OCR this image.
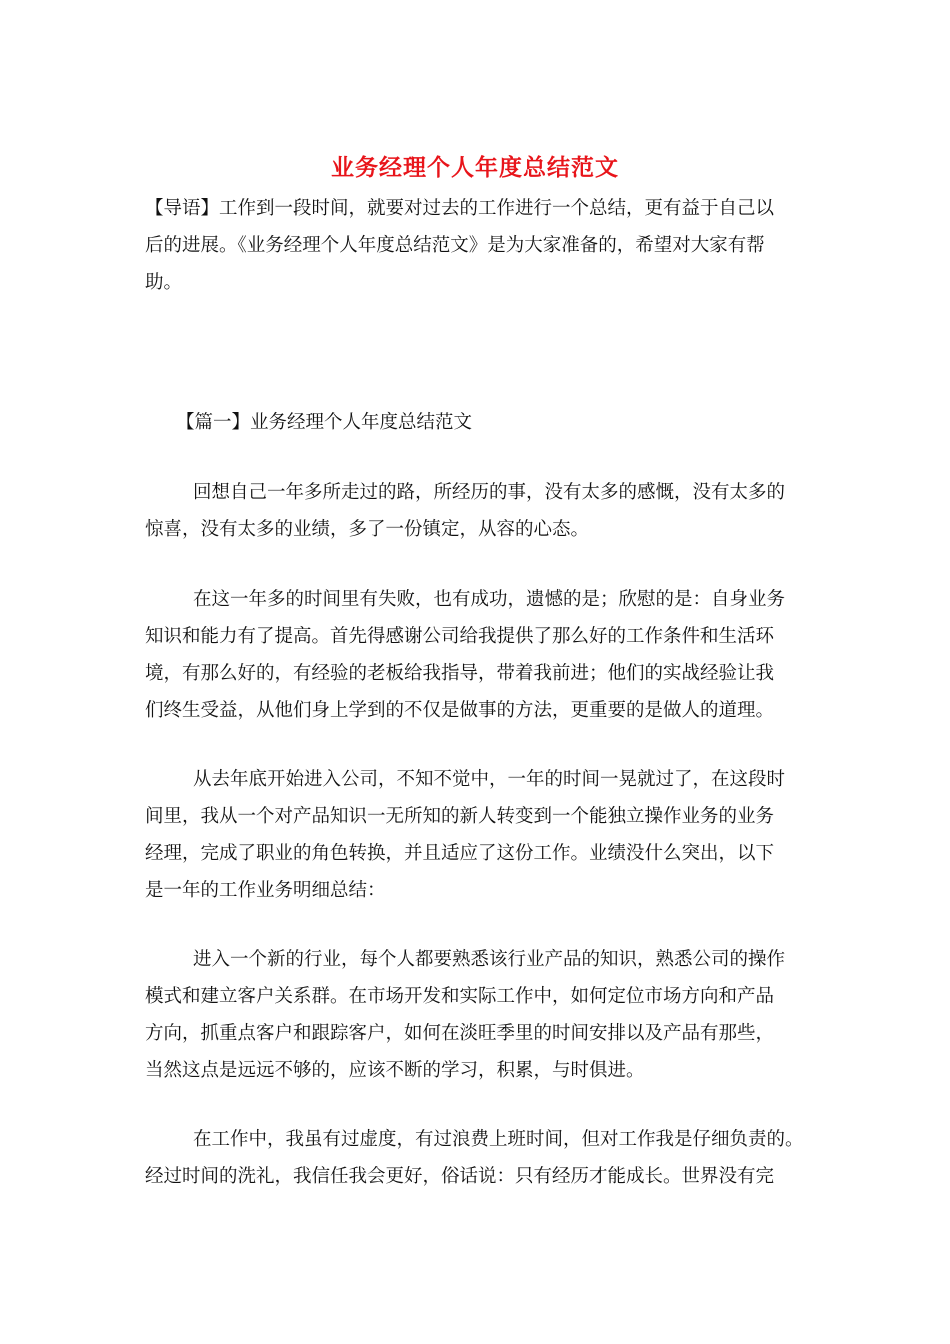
业务经理个人年度总结范文
【导语】工作到一段时间，就要对过去的工作进行一个总结，更有益于自己以
后的进展。《业务经理个人年度总结范文》是为大家准备的，希望对大家有帮
助。
【篇一】业务经理个人年度总结范文
回想自己一年多所走过的路，所经历的事，没有太多的感慨，没有太多的
惊喜，没有太多的业绩，多了一份镇定，从容的心态。
在这一年多的时间里有失败，也有成功，遗憾的是；欣慰的是：自身业务
知识和能力有了提高。首先得感谢公司给我提供了那么好的工作条件和生活环
境，有那么好的，有经验的老板给我指导，带着我前进；他们的实战经验让我
们终生受益，从他们身上学到的不仅是做事的方法，更重要的是做人的道理。
从去年底开始进入公司，不知不觉中，一年的时间一晃就过了，在这段时
间里，我从一个对产品知识一无所知的新人转变到一个能独立操作业务的业务
经理，完成了职业的角色转换，并且适应了这份工作。业绩没什么突出，以下
是一年的工作业务明细总结：
进入一个新的行业，每个人都要熟悉该行业产品的知识，熟悉公司的操作
模式和建立客户关系群。在市场开发和实际工作中，如何定位市场方向和产品
方向，抓重点客户和跟踪客户，如何在淡旺季里的时间安排以及产品有那些，
当然这点是远远不够的，应该不断的学习，积累，与时俱进。
在工作中，我虽有过虚度，有过浪费上班时间，但对工作我是仔细负责的。
经过时间的洗礼，我信任我会更好，俗话说：只有经历才能成长。世界没有完
